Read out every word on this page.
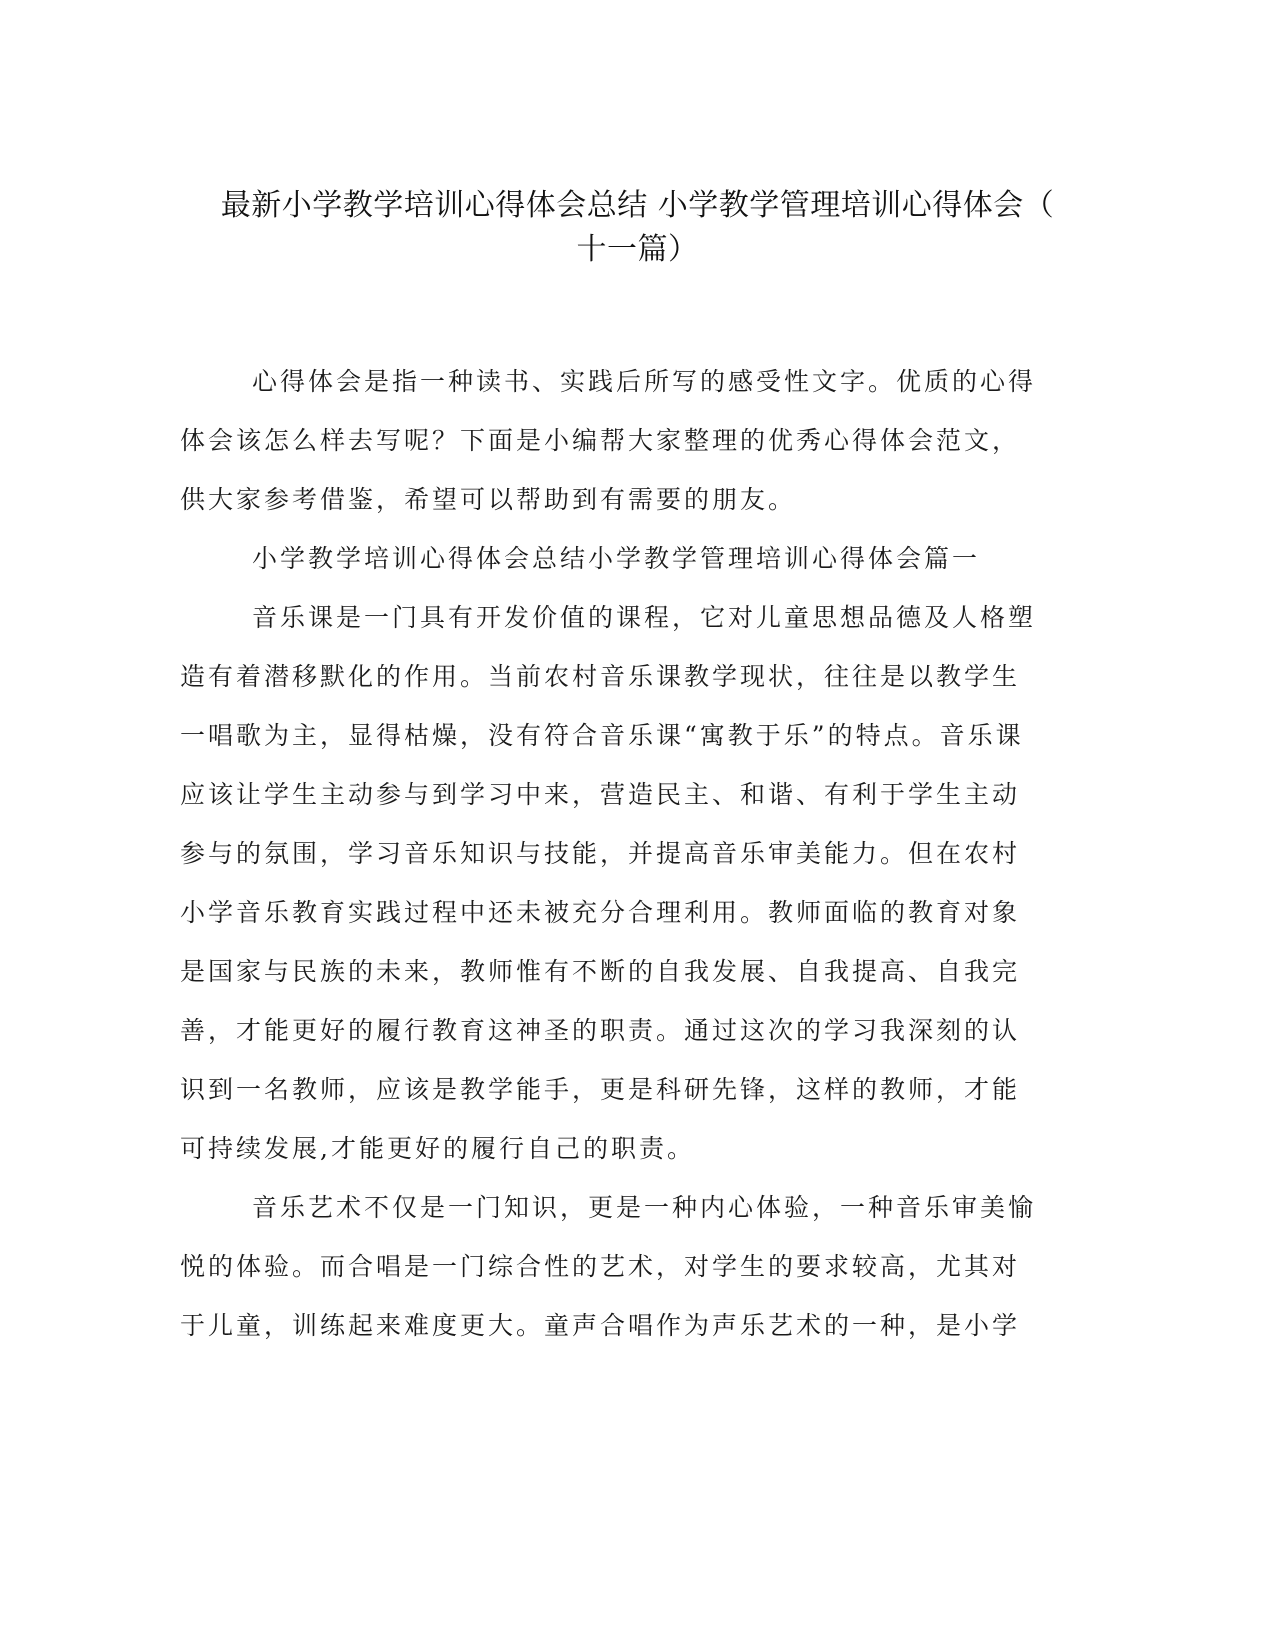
最新小学教学培训心得体会总结 小学教学管理培训心得体会（
十一篇）

心得体会是指一种读书、实践后所写的感受性文字。优质的心得
体会该怎么样去写呢？下面是小编帮大家整理的优秀心得体会范文，
供大家参考借鉴，希望可以帮助到有需要的朋友。

小学教学培训心得体会总结小学教学管理培训心得体会篇一

音乐课是一门具有开发价值的课程，它对儿童思想品德及人格塑
造有着潜移默化的作用。当前农村音乐课教学现状，往往是以教学生
一唱歌为主，显得枯燥，没有符合音乐课“寓教于乐”的特点。音乐课
应该让学生主动参与到学习中来，营造民主、和谐、有利于学生主动
参与的氛围，学习音乐知识与技能，并提高音乐审美能力。但在农村
小学音乐教育实践过程中还未被充分合理利用。教师面临的教育对象
是国家与民族的未来，教师惟有不断的自我发展、自我提高、自我完
善，才能更好的履行教育这神圣的职责。通过这次的学习我深刻的认
识到一名教师，应该是教学能手，更是科研先锋，这样的教师，才能
可持续发展,才能更好的履行自己的职责。

音乐艺术不仅是一门知识，更是一种内心体验，一种音乐审美愉
悦的体验。而合唱是一门综合性的艺术，对学生的要求较高，尤其对
于儿童，训练起来难度更大。童声合唱作为声乐艺术的一种，是小学
